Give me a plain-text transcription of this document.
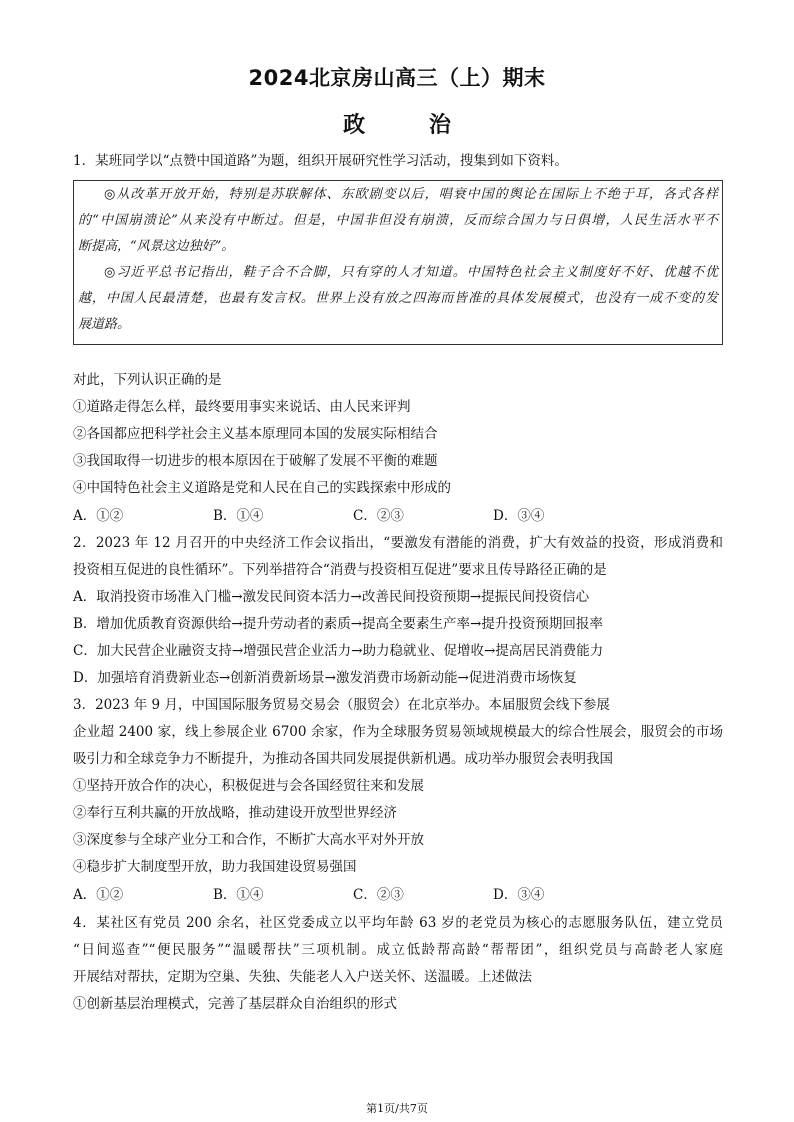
2024北京房山高三（上）期末
政 治
1．某班同学以“点赞中国道路”为题，组织开展研究性学习活动，搜集到如下资料。
◎从改革开放开始，特别是苏联解体、东欧剧变以后，唱衰中国的舆论在国际上不绝于耳，各式各样
的“中国崩溃论”从来没有中断过。但是，中国非但没有崩溃，反而综合国力与日俱增，人民生活水平不
断提高，“风景这边独好”。
◎习近平总书记指出，鞋子合不合脚，只有穿的人才知道。中国特色社会主义制度好不好、优越不优
越，中国人民最清楚，也最有发言权。世界上没有放之四海而皆准的具体发展模式，也没有一成不变的发
展道路。
对此，下列认识正确的是
①道路走得怎么样，最终要用事实来说话、由人民来评判
②各国都应把科学社会主义基本原理同本国的发展实际相结合
③我国取得一切进步的根本原因在于破解了发展不平衡的难题
④中国特色社会主义道路是党和人民在自己的实践探索中形成的
A．①②	B．①④	C．②③	D．③④
2．2023 年 12 月召开的中央经济工作会议指出，“要激发有潜能的消费，扩大有效益的投资，形成消费和
投资相互促进的良性循环”。下列举措符合“消费与投资相互促进”要求且传导路径正确的是
A．取消投资市场准入门槛→激发民间资本活力→改善民间投资预期→提振民间投资信心
B．增加优质教育资源供给→提升劳动者的素质→提高全要素生产率→提升投资预期回报率
C．加大民营企业融资支持→增强民营企业活力→助力稳就业、促增收→提高居民消费能力
D．加强培育消费新业态→创新消费新场景→激发消费市场新动能→促进消费市场恢复
3．2023 年 9 月，中国国际服务贸易交易会（服贸会）在北京举办。本届服贸会线下参展
企业超 2400 家，线上参展企业 6700 余家，作为全球服务贸易领域规模最大的综合性展会，服贸会的市场
吸引力和全球竞争力不断提升，为推动各国共同发展提供新机遇。成功举办服贸会表明我国
①坚持开放合作的决心，积极促进与会各国经贸往来和发展
②奉行互利共赢的开放战略，推动建设开放型世界经济
③深度参与全球产业分工和合作，不断扩大高水平对外开放
④稳步扩大制度型开放，助力我国建设贸易强国
A．①②	B．①④	C．②③	D．③④
4．某社区有党员 200 余名，社区党委成立以平均年龄 63 岁的老党员为核心的志愿服务队伍，建立党员
“日间巡查”“便民服务”“温暖帮扶”三项机制。成立低龄帮高龄“帮帮团”，组织党员与高龄老人家庭
开展结对帮扶，定期为空巢、失独、失能老人入户送关怀、送温暖。上述做法
①创新基层治理模式，完善了基层群众自治组织的形式
第1页/共7页
